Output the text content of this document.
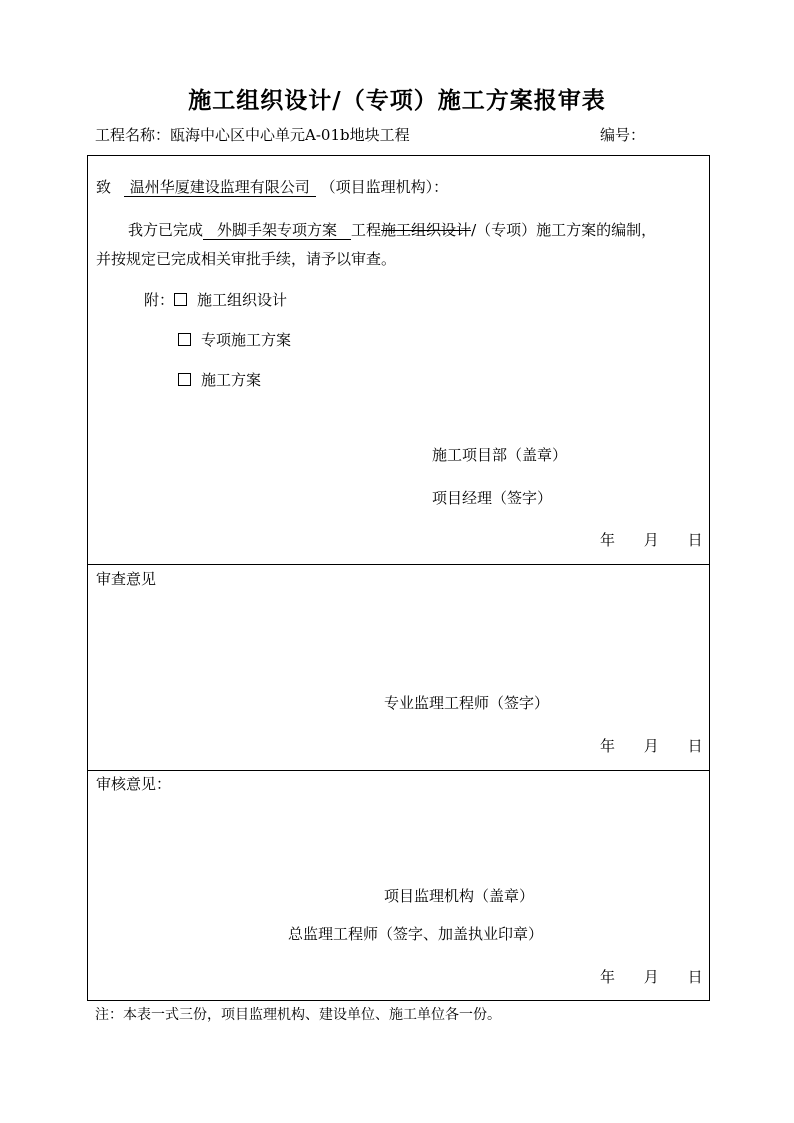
施工组织设计/（专项）施工方案报审表
工程名称：瓯海中心区中心单元A-01b地块工程	编号：
致 温州华厦建设监理有限公司 （项目监理机构）：
我方已完成 外脚手架专项方案 工程施工组织设计/（专项）施工方案的编制，
并按规定已完成相关审批手续，请予以审查。
附： 施工组织设计
专项施工方案
施工方案
施工项目部（盖章）
项目经理（签字）
年 月 日
审查意见
专业监理工程师（签字）
年 月 日
审核意见：
项目监理机构（盖章）
总监理工程师（签字、加盖执业印章）
年 月 日
注：本表一式三份，项目监理机构、建设单位、施工单位各一份。
